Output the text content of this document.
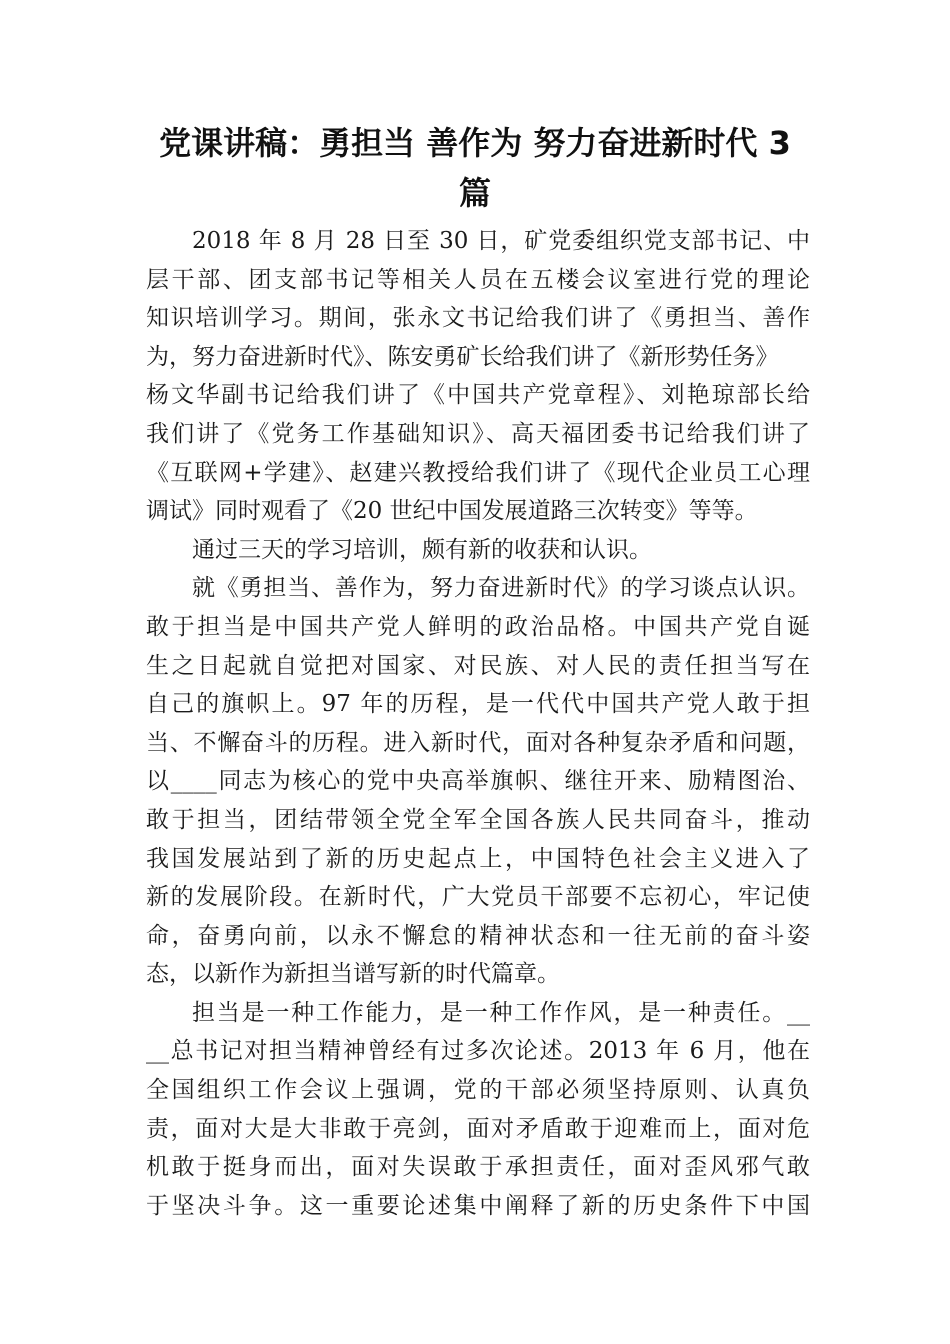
党课讲稿：勇担当 善作为 努力奋进新时代 3
篇
2018 年 8 月 28 日至 30 日，矿党委组织党支部书记、中
层干部、团支部书记等相关人员在五楼会议室进行党的理论
知识培训学习。期间，张永文书记给我们讲了《勇担当、善作
为，努力奋进新时代》、陈安勇矿长给我们讲了《新形势任务》
杨文华副书记给我们讲了《中国共产党章程》、刘艳琼部长给
我们讲了《党务工作基础知识》、高天福团委书记给我们讲了
《互联网+学建》、赵建兴教授给我们讲了《现代企业员工心理
调试》同时观看了《20 世纪中国发展道路三次转变》等等。
通过三天的学习培训，颇有新的收获和认识。
就《勇担当、善作为，努力奋进新时代》的学习谈点认识。
敢于担当是中国共产党人鲜明的政治品格。中国共产党自诞
生之日起就自觉把对国家、对民族、对人民的责任担当写在
自己的旗帜上。97 年的历程，是一代代中国共产党人敢于担
当、不懈奋斗的历程。进入新时代，面对各种复杂矛盾和问题，
以____同志为核心的党中央高举旗帜、继往开来、励精图治、
敢于担当，团结带领全党全军全国各族人民共同奋斗，推动
我国发展站到了新的历史起点上，中国特色社会主义进入了
新的发展阶段。在新时代，广大党员干部要不忘初心，牢记使
命，奋勇向前，以永不懈怠的精神状态和一往无前的奋斗姿
态，以新作为新担当谱写新的时代篇章。
担当是一种工作能力，是一种工作作风，是一种责任。__
__总书记对担当精神曾经有过多次论述。2013 年 6 月，他在
全国组织工作会议上强调，党的干部必须坚持原则、认真负
责，面对大是大非敢于亮剑，面对矛盾敢于迎难而上，面对危
机敢于挺身而出，面对失误敢于承担责任，面对歪风邪气敢
于坚决斗争。这一重要论述集中阐释了新的历史条件下中国
